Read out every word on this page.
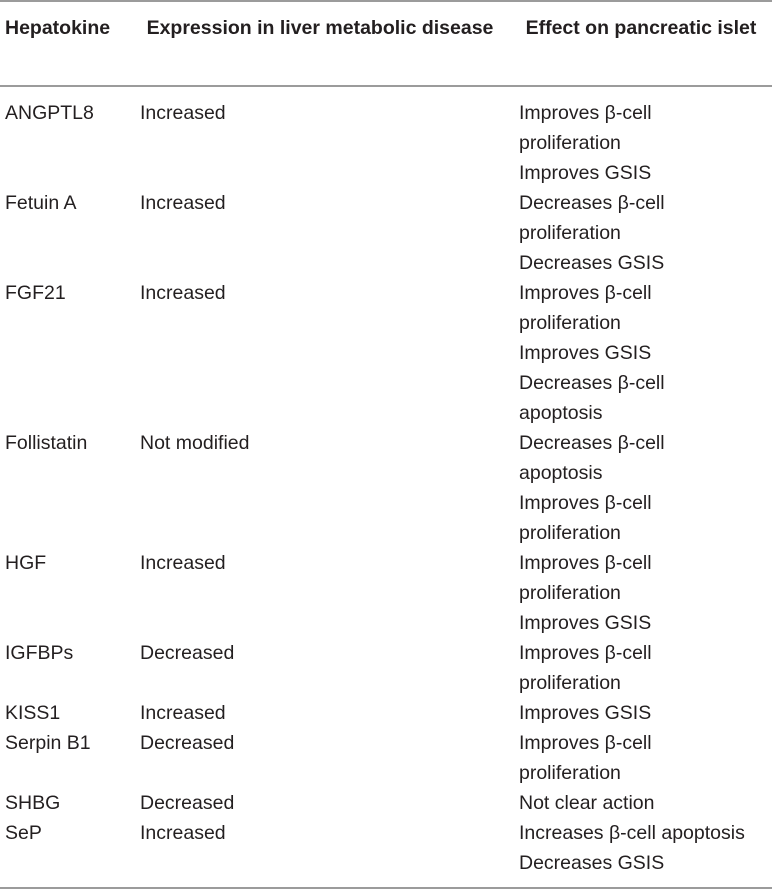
Hepatokine	Expression in liver metabolic disease	Effect on pancreatic islet
ANGPTL8	Increased	Improves β-cell
proliferation
Improves GSIS
Fetuin A	Increased	Decreases β-cell
proliferation
Decreases GSIS
FGF21	Increased	Improves β-cell
proliferation
Improves GSIS
Decreases β-cell
apoptosis
Follistatin	Not modified	Decreases β-cell
apoptosis
Improves β-cell
proliferation
HGF	Increased	Improves β-cell
proliferation
Improves GSIS
IGFBPs	Decreased	Improves β-cell
proliferation
KISS1	Increased	Improves GSIS
Serpin B1	Decreased	Improves β-cell
proliferation
SHBG	Decreased	Not clear action
SeP	Increased	Increases β-cell apoptosis
Decreases GSIS
